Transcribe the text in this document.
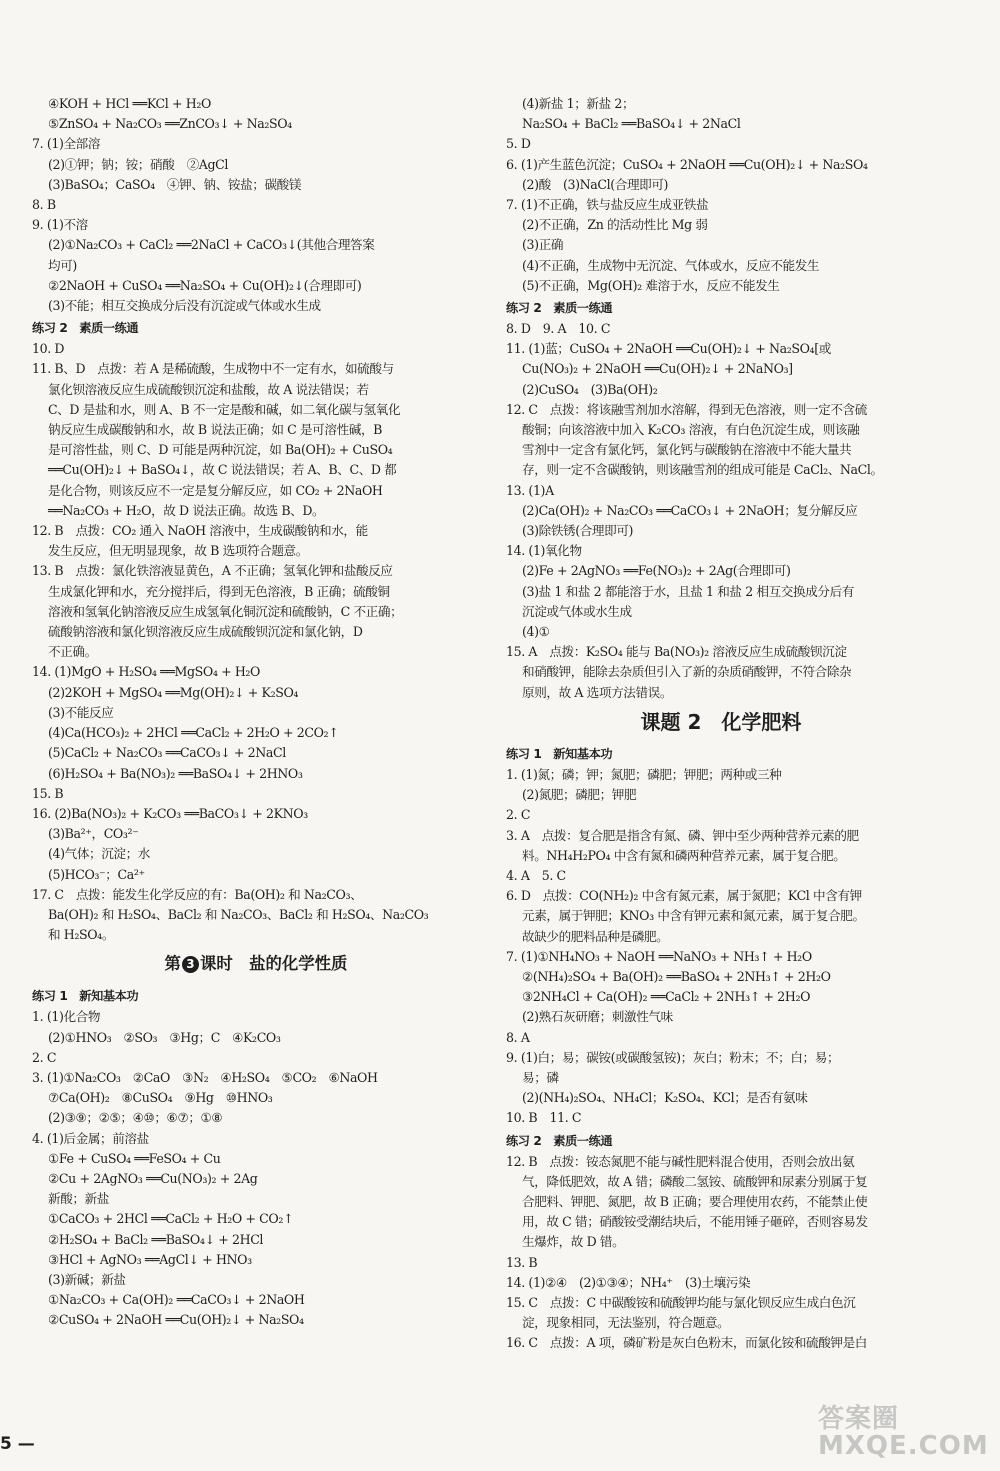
④KOH + HCl ══KCl + H₂O
⑤ZnSO₄ + Na₂CO₃ ══ZnCO₃↓ + Na₂SO₄
7. (1)全部溶
(2)①钾；钠；铵；硝酸　②AgCl
(3)BaSO₄；CaSO₄　④钾、钠、铵盐；碳酸镁
8. B
9. (1)不溶
(2)①Na₂CO₃ + CaCl₂ ══2NaCl + CaCO₃↓(其他合理答案
均可)
②2NaOH + CuSO₄ ══Na₂SO₄ + Cu(OH)₂↓(合理即可)
(3)不能；相互交换成分后没有沉淀或气体或水生成
练习 2　素质一练通
10. D
11. B、D　点拨：若 A 是稀硫酸，生成物中不一定有水，如硫酸与
氯化钡溶液反应生成硫酸钡沉淀和盐酸，故 A 说法错误；若
C、D 是盐和水，则 A、B 不一定是酸和碱，如二氧化碳与氢氧化
钠反应生成碳酸钠和水，故 B 说法正确；如 C 是可溶性碱，B
是可溶性盐，则 C、D 可能是两种沉淀，如 Ba(OH)₂ + CuSO₄
══Cu(OH)₂↓ + BaSO₄↓，故 C 说法错误；若 A、B、C、D 都
是化合物，则该反应不一定是复分解反应，如 CO₂ + 2NaOH
══Na₂CO₃ + H₂O，故 D 说法正确。故选 B、D。
12. B　点拨：CO₂ 通入 NaOH 溶液中，生成碳酸钠和水，能
发生反应，但无明显现象，故 B 选项符合题意。
13. B　点拨：氯化铁溶液显黄色，A 不正确；氢氧化钾和盐酸反应
生成氯化钾和水，充分搅拌后，得到无色溶液，B 正确；硫酸铜
溶液和氢氧化钠溶液反应生成氢氧化铜沉淀和硫酸钠，C 不正确；
硫酸钠溶液和氯化钡溶液反应生成硫酸钡沉淀和氯化钠，D
不正确。
14. (1)MgO + H₂SO₄ ══MgSO₄ + H₂O
(2)2KOH + MgSO₄ ══Mg(OH)₂↓ + K₂SO₄
(3)不能反应
(4)Ca(HCO₃)₂ + 2HCl ══CaCl₂ + 2H₂O + 2CO₂↑
(5)CaCl₂ + Na₂CO₃ ══CaCO₃↓ + 2NaCl
(6)H₂SO₄ + Ba(NO₃)₂ ══BaSO₄↓ + 2HNO₃
15. B
16. (2)Ba(NO₃)₂ + K₂CO₃ ══BaCO₃↓ + 2KNO₃
(3)Ba²⁺，CO₃²⁻
(4)气体；沉淀；水
(5)HCO₃⁻；Ca²⁺
17. C　点拨：能发生化学反应的有：Ba(OH)₂ 和 Na₂CO₃、
Ba(OH)₂ 和 H₂SO₄、BaCl₂ 和 Na₂CO₃、BaCl₂ 和 H₂SO₄、Na₂CO₃
和 H₂SO₄。
第 3 课时　盐的化学性质
练习 1　新知基本功
1. (1)化合物
(2)①HNO₃　②SO₃　③Hg；C　④K₂CO₃
2. C
3. (1)①Na₂CO₃　②CaO　③N₂　④H₂SO₄　⑤CO₂　⑥NaOH
⑦Ca(OH)₂　⑧CuSO₄　⑨Hg　⑩HNO₃
(2)③⑨；②⑤；④⑩；⑥⑦；①⑧
4. (1)后金属；前溶盐
①Fe + CuSO₄ ══FeSO₄ + Cu
②Cu + 2AgNO₃ ══Cu(NO₃)₂ + 2Ag
新酸；新盐
①CaCO₃ + 2HCl ══CaCl₂ + H₂O + CO₂↑
②H₂SO₄ + BaCl₂ ══BaSO₄↓ + 2HCl
③HCl + AgNO₃ ══AgCl↓ + HNO₃
(3)新碱；新盐
①Na₂CO₃ + Ca(OH)₂ ══CaCO₃↓ + 2NaOH
②CuSO₄ + 2NaOH ══Cu(OH)₂↓ + Na₂SO₄
(4)新盐 1；新盐 2；
Na₂SO₄ + BaCl₂ ══BaSO₄↓ + 2NaCl
5. D
6. (1)产生蓝色沉淀；CuSO₄ + 2NaOH ══Cu(OH)₂↓ + Na₂SO₄
(2)酸　(3)NaCl(合理即可)
7. (1)不正确，铁与盐反应生成亚铁盐
(2)不正确，Zn 的活动性比 Mg 弱
(3)正确
(4)不正确，生成物中无沉淀、气体或水，反应不能发生
(5)不正确，Mg(OH)₂ 难溶于水，反应不能发生
练习 2　素质一练通
8. D　9. A　10. C
11. (1)蓝；CuSO₄ + 2NaOH ══Cu(OH)₂↓ + Na₂SO₄[或
Cu(NO₃)₂ + 2NaOH ══Cu(OH)₂↓ + 2NaNO₃]
(2)CuSO₄　(3)Ba(OH)₂
12. C　点拨：将该融雪剂加水溶解，得到无色溶液，则一定不含硫
酸铜；向该溶液中加入 K₂CO₃ 溶液，有白色沉淀生成，则该融
雪剂中一定含有氯化钙，氯化钙与碳酸钠在溶液中不能大量共
存，则一定不含碳酸钠，则该融雪剂的组成可能是 CaCl₂、NaCl。
13. (1)A
(2)Ca(OH)₂ + Na₂CO₃ ══CaCO₃↓ + 2NaOH；复分解反应
(3)除铁锈(合理即可)
14. (1)氧化物
(2)Fe + 2AgNO₃ ══Fe(NO₃)₂ + 2Ag(合理即可)
(3)盐 1 和盐 2 都能溶于水，且盐 1 和盐 2 相互交换成分后有
沉淀或气体或水生成
(4)①
15. A　点拨：K₂SO₄ 能与 Ba(NO₃)₂ 溶液反应生成硫酸钡沉淀
和硝酸钾，能除去杂质但引入了新的杂质硝酸钾，不符合除杂
原则，故 A 选项方法错误。
课题 2　化学肥料
练习 1　新知基本功
1. (1)氮；磷；钾；氮肥；磷肥；钾肥；两种或三种
(2)氮肥；磷肥；钾肥
2. C
3. A　点拨：复合肥是指含有氮、磷、钾中至少两种营养元素的肥
料。NH₄H₂PO₄ 中含有氮和磷两种营养元素，属于复合肥。
4. A　5. C
6. D　点拨：CO(NH₂)₂ 中含有氮元素，属于氮肥；KCl 中含有钾
元素，属于钾肥；KNO₃ 中含有钾元素和氮元素，属于复合肥。
故缺少的肥料品种是磷肥。
7. (1)①NH₄NO₃ + NaOH ══NaNO₃ + NH₃↑ + H₂O
②(NH₄)₂SO₄ + Ba(OH)₂ ══BaSO₄ + 2NH₃↑ + 2H₂O
③2NH₄Cl + Ca(OH)₂ ══CaCl₂ + 2NH₃↑ + 2H₂O
(2)熟石灰研磨；刺激性气味
8. A
9. (1)白；易；碳铵(或碳酸氢铵)；灰白；粉末；不；白；易；
易；磷
(2)(NH₄)₂SO₄、NH₄Cl；K₂SO₄、KCl；是否有氨味
10. B　11. C
练习 2　素质一练通
12. B　点拨：铵态氮肥不能与碱性肥料混合使用，否则会放出氨
气，降低肥效，故 A 错；磷酸二氢铵、硫酸钾和尿素分别属于复
合肥料、钾肥、氮肥，故 B 正确；要合理使用农药，不能禁止使
用，故 C 错；硝酸铵受潮结块后，不能用锤子砸碎，否则容易发
生爆炸，故 D 错。
13. B
14. (1)②④　(2)①③④；NH₄⁺　(3)土壤污染
15. C　点拨：C 中碳酸铵和硫酸钾均能与氯化钡反应生成白色沉
淀，现象相同，无法鉴别，符合题意。
16. C　点拨：A 项，磷矿粉是灰白色粉末，而氯化铵和硫酸钾是白
5 —
答案圈
MXQE.COM
